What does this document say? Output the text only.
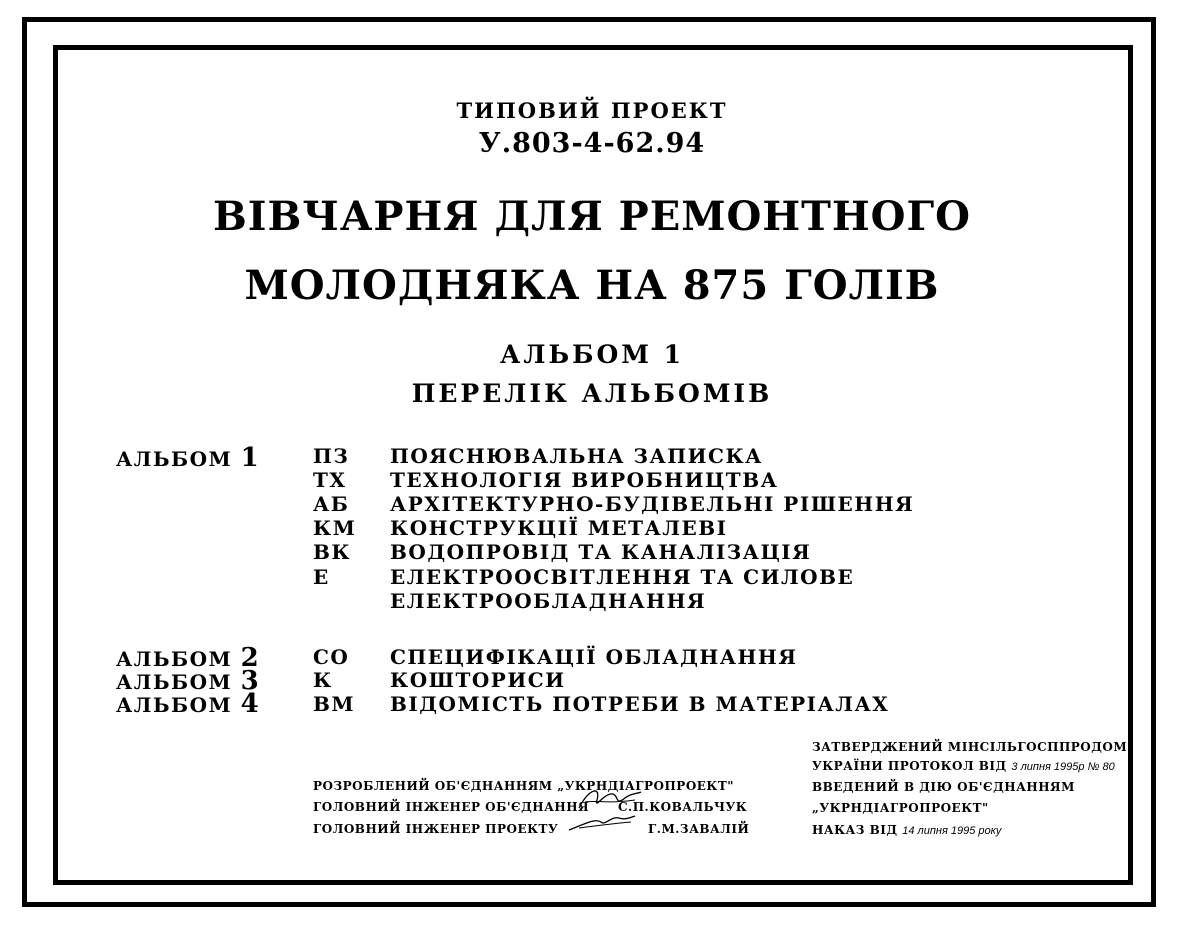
ТИПОВИЙ ПРОЕКТ
У.803-4-62.94
ВІВЧАРНЯ ДЛЯ РЕМОНТНОГО
МОЛОДНЯКА НА 875 ГОЛІВ
АЛЬБОМ 1
ПЕРЕЛІК АЛЬБОМІВ
АЛЬБОМ 1	ПЗ ПОЯСНЮВАЛЬНА ЗАПИСКА
ТХ ТЕХНОЛОГІЯ ВИРОБНИЦТВА
АБ АРХІТЕКТУРНО-БУДІВЕЛЬНІ РІШЕННЯ
КМ КОНСТРУКЦІЇ МЕТАЛЕВІ
ВК ВОДОПРОВІД ТА КАНАЛІЗАЦІЯ
Е	ЕЛЕКТРООСВІТЛЕННЯ ТА СИЛОВЕ
ЕЛЕКТРООБЛАДНАННЯ
АЛЬБОМ 2	СО СПЕЦИФІКАЦІЇ ОБЛАДНАННЯ
АЛЬБОМ 3	К	КОШТОРИСИ
АЛЬБОМ 4	ВМ ВІДОМІСТЬ ПОТРЕБИ В МАТЕРІАЛАХ
РОЗРОБЛЕНИЙ ОБ'ЄДНАННЯМ „УКРНДІАГРОПРОЕКТ"
ГОЛОВНИЙ ІНЖЕНЕР ОБ'ЄДНАННЯ С.П.КОВАЛЬЧУК
ГОЛОВНИЙ ІНЖЕНЕР ПРОЕКТУ	Г.М.ЗАВАЛІЙ
ЗАТВЕРДЖЕНИЙ МІНСІЛЬГОСППРОДОМ
УКРАЇНИ ПРОТОКОЛ ВІД 3 липня 1995р № 80
ВВЕДЕНИЙ В ДІЮ ОБ'ЄДНАННЯМ
„УКРНДІАГРОПРОЕКТ"
НАКАЗ ВІД 14 липня 1995 року
